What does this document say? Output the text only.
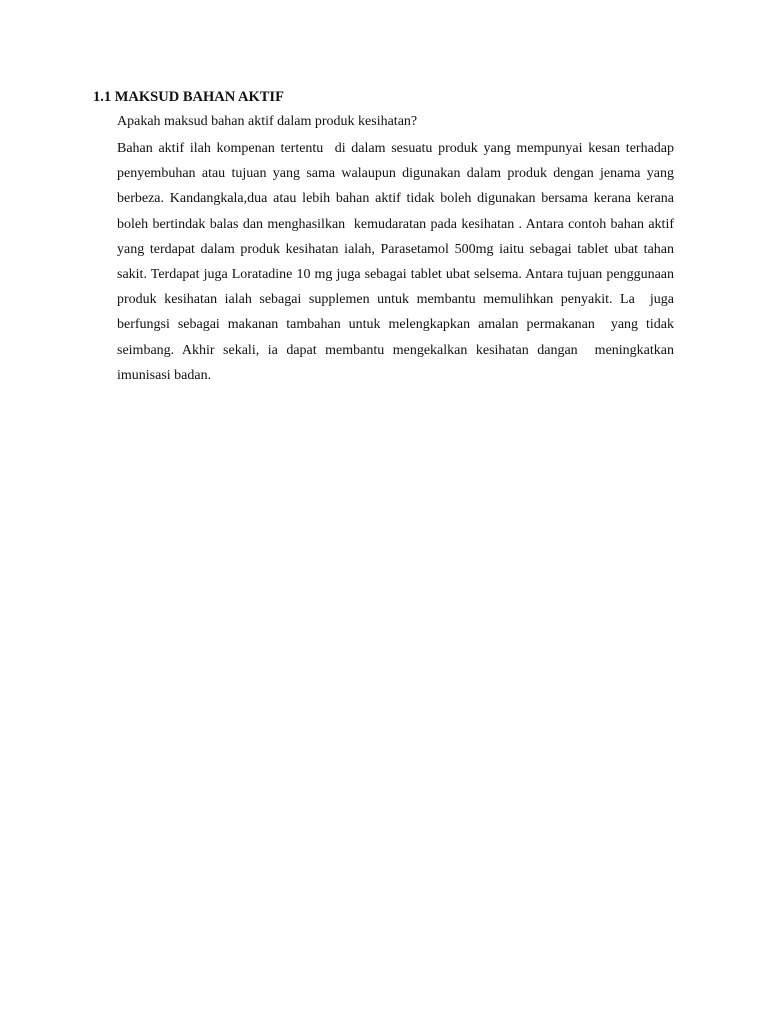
1.1 MAKSUD BAHAN AKTIF
Apakah maksud bahan aktif dalam produk kesihatan?
Bahan aktif ilah kompenan tertentu  di dalam sesuatu produk yang mempunyai kesan terhadap penyembuhan atau tujuan yang sama walaupun digunakan dalam produk dengan jenama yang berbeza. Kandangkala,dua atau lebih bahan aktif tidak boleh digunakan bersama kerana kerana  boleh bertindak balas dan menghasilkan  kemudaratan pada kesihatan . Antara contoh bahan aktif yang terdapat dalam produk kesihatan ialah, Parasetamol 500mg iaitu sebagai tablet ubat tahan sakit. Terdapat juga Loratadine 10 mg juga sebagai tablet ubat selsema. Antara tujuan penggunaan produk kesihatan ialah sebagai supplemen untuk membantu memulihkan penyakit. La  juga berfungsi sebagai makanan tambahan untuk melengkapkan amalan permakanan  yang tidak seimbang. Akhir sekali, ia dapat membantu mengekalkan kesihatan dangan  meningkatkan imunisasi badan.
